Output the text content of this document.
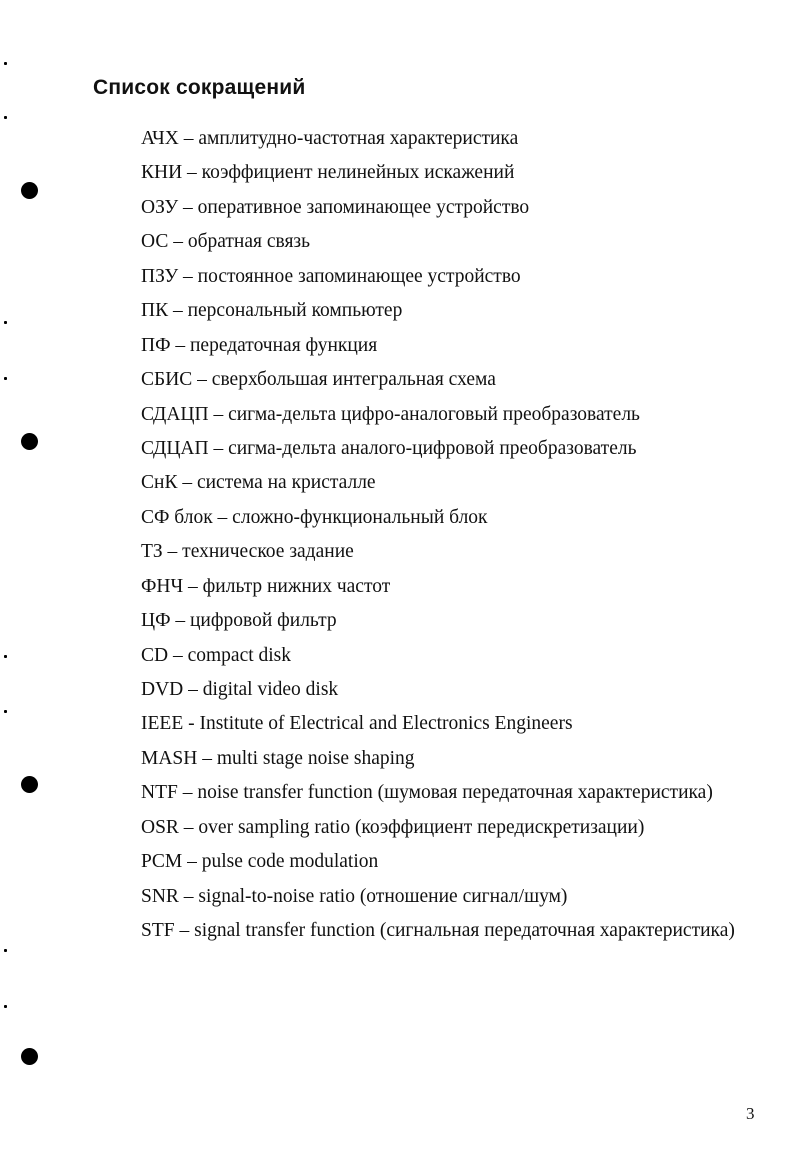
Список сокращений
АЧХ – амплитудно-частотная характеристика
КНИ – коэффициент нелинейных искажений
ОЗУ – оперативное запоминающее устройство
ОС – обратная связь
ПЗУ – постоянное запоминающее устройство
ПК – персональный компьютер
ПФ – передаточная функция
СБИС – сверхбольшая интегральная схема
СДАЦП – сигма-дельта цифро-аналоговый преобразователь
СДЦАП – сигма-дельта аналого-цифровой преобразователь
СнК – система на кристалле
СФ блок – сложно-функциональный блок
ТЗ – техническое задание
ФНЧ – фильтр нижних частот
ЦФ – цифровой фильтр
CD – compact disk
DVD – digital video disk
IEEE - Institute of Electrical and Electronics Engineers
MASH – multi stage noise shaping
NTF – noise transfer function (шумовая передаточная характеристика)
OSR – over sampling ratio (коэффициент передискретизации)
PCM – pulse code modulation
SNR – signal-to-noise ratio (отношение сигнал/шум)
STF – signal transfer function (сигнальная передаточная характеристика)
3
